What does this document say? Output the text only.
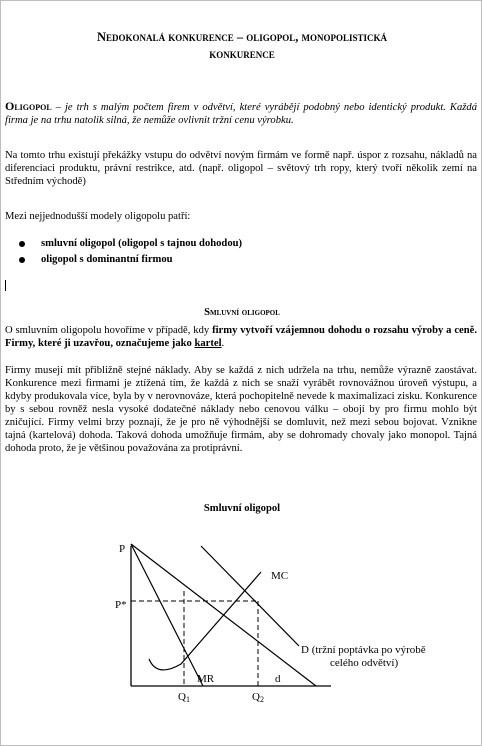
Nedokonalá konkurence – oligopol, monopolistická
konkurence

Oligopol – je trh s malým počtem firem v odvětví, které vyrábějí podobný nebo identický produkt. Každá firma je na trhu natolik silná, že nemůže ovlivnit tržní cenu výrobku.

Na tomto trhu existují překážky vstupu do odvětví novým firmám ve formě např. úspor z rozsahu, nákladů na diferenciaci produktu, právní restrikce, atd. (např. oligopol – světový trh ropy, který tvoří několik zemí na Středním východě)

Mezi nejjednodušší modely oligopolu patří:

smluvní oligopol (oligopol s tajnou dohodou)
oligopol s dominantní firmou
Smluvní oligopol

O smluvním oligopolu hovoříme v případě, kdy firmy vytvoří vzájemnou dohodu o rozsahu výroby a ceně. Firmy, které ji uzavřou, označujeme jako kartel.

Firmy musejí mít přibližně stejné náklady. Aby se každá z nich udržela na trhu, nemůže výrazně zaostávat. Konkurence mezi firmami je ztížená tím, že každá z nich se snaží vyrábět rovnovážnou úroveň výstupu, a kdyby produkovala více, byla by v nerovnováze, která pochopitelně nevede k maximalizaci zisku. Konkurence by s sebou rovněž nesla vysoké dodatečné náklady nebo cenovou válku – obojí by pro firmu mohlo být zničující. Firmy velmi brzy poznají, že je pro ně výhodnější se domluvit, než mezi sebou bojovat. Vznikne tajná (kartelová) dohoda. Taková dohoda umožňuje firmám, aby se dohromady chovaly jako monopol. Tajná dohoda proto, že je většinou považována za protiprávní.

Smluvní oligopol
P
P*
MC
D (tržní poptávka po výrobě
celého odvětví)
MR	d
Q1	Q2
